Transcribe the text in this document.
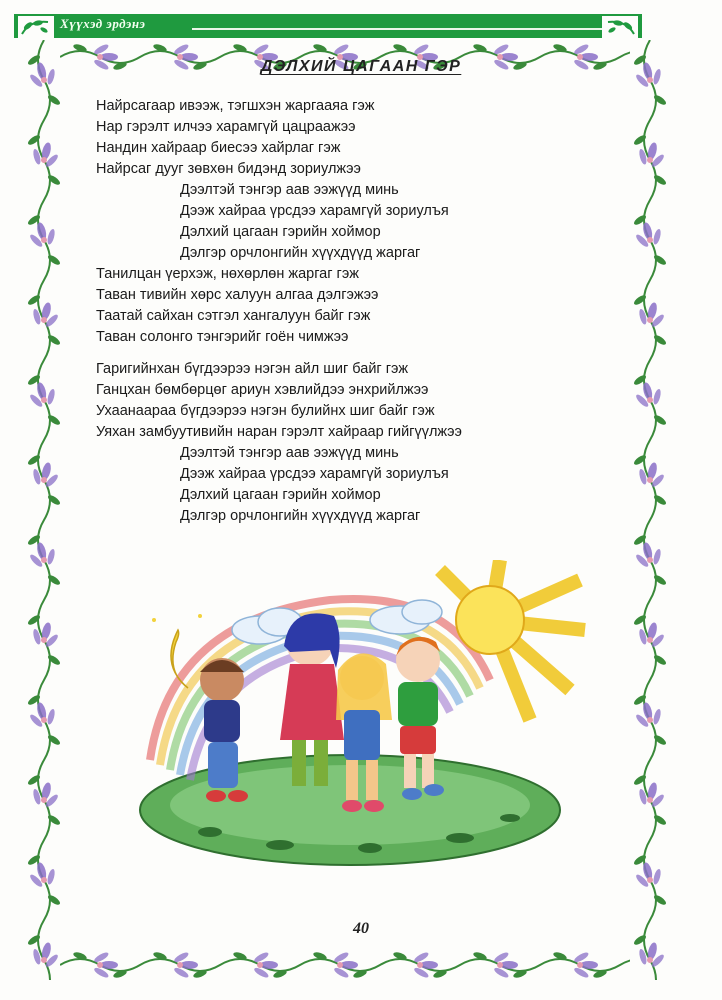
Хүүхэд эрдэнэ
ДЭЛХИЙ ЦАГААН ГЭР
Найрсагаар ивээж, тэгшхэн жаргааяа гэж
Нар гэрэлт илчээ харамгүй цацраажээ
Нандин хайраар биесээ хайрлаг гэж
Найрсаг дууг зөвхөн бидэнд зориулжээ
Дээлтэй тэнгэр аав ээжүүд минь
Дээж хайраа үрсдээ харамгүй зориулъя
Дэлхий цагаан гэрийн хоймор
Дэлгэр орчлонгийн хүүхдүүд жаргаг
Танилцан үерхэж, нөхөрлөн жаргаг гэж
Таван тивийн хөрс халуун алгаа дэлгэжээ
Таатай сайхан сэтгэл хангалуун байг гэж
Таван солонго тэнгэрийг гоён чимжээ
Гаригийнхан бүгдээрээ нэгэн айл шиг байг гэж
Ганцхан бөмбөрцөг ариун хэвлийдээ энхрийлжээ
Ухаанаараа бүгдээрээ нэгэн булийнх шиг байг гэж
Уяхан замбуутивийн наран гэрэлт хайраар гийгүүлжээ
Дээлтэй тэнгэр аав ээжүүд минь
Дээж хайраа үрсдээ харамгүй зориулъя
Дэлхий цагаан гэрийн хоймор
Дэлгэр орчлонгийн хүүхдүүд жаргаг
40
